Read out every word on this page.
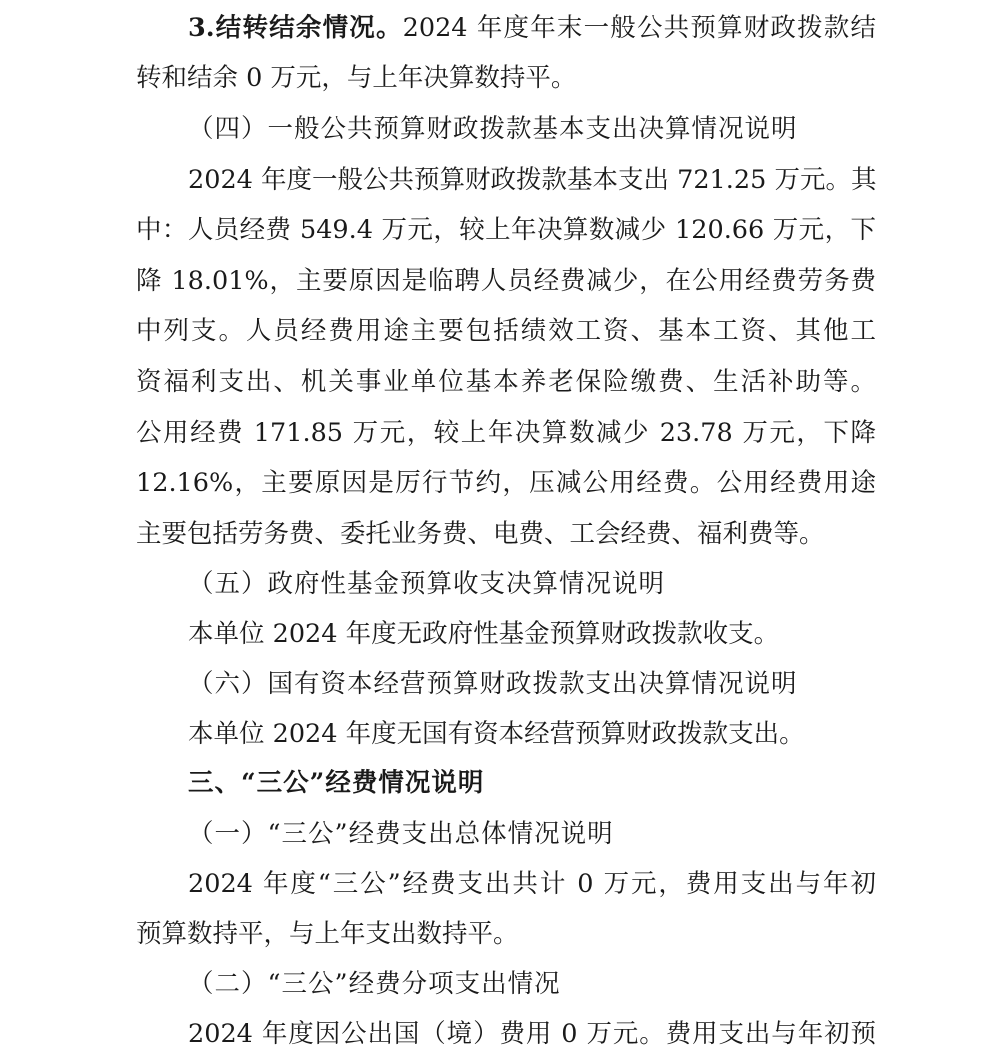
3.结转结余情况。2024 年度年末一般公共预算财政拨款结
转和结余 0 万元，与上年决算数持平。
（四）一般公共预算财政拨款基本支出决算情况说明
2024 年度一般公共预算财政拨款基本支出 721.25 万元。其
中：人员经费 549.4 万元，较上年决算数减少 120.66 万元，下
降 18.01%，主要原因是临聘人员经费减少，在公用经费劳务费
中列支。人员经费用途主要包括绩效工资、基本工资、其他工
资福利支出、机关事业单位基本养老保险缴费、生活补助等。
公用经费 171.85 万元，较上年决算数减少 23.78 万元，下降
12.16%，主要原因是厉行节约，压减公用经费。公用经费用途
主要包括劳务费、委托业务费、电费、工会经费、福利费等。
（五）政府性基金预算收支决算情况说明
本单位 2024 年度无政府性基金预算财政拨款收支。
（六）国有资本经营预算财政拨款支出决算情况说明
本单位 2024 年度无国有资本经营预算财政拨款支出。
三、“三公”经费情况说明
（一）“三公”经费支出总体情况说明
2024 年度“三公”经费支出共计 0 万元，费用支出与年初
预算数持平，与上年支出数持平。
（二）“三公”经费分项支出情况
2024 年度因公出国（境）费用 0 万元。费用支出与年初预
